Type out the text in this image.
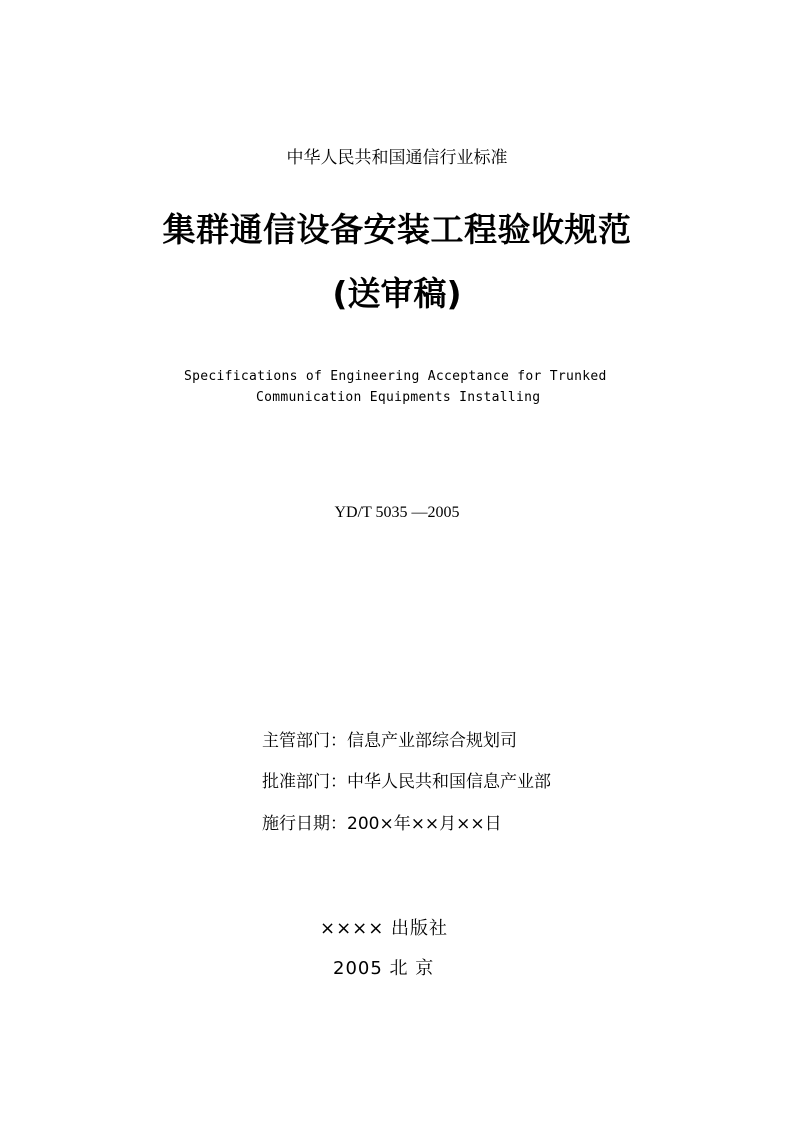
中华人民共和国通信行业标准
集群通信设备安装工程验收规范
(送审稿)
Specifications of Engineering Acceptance for Trunked
Communication Equipments Installing
YD/T 5035 —2005
主管部门：信息产业部综合规划司
批准部门：中华人民共和国信息产业部
施行日期：200×年××月××日
×××× 出版社
2005 北 京
